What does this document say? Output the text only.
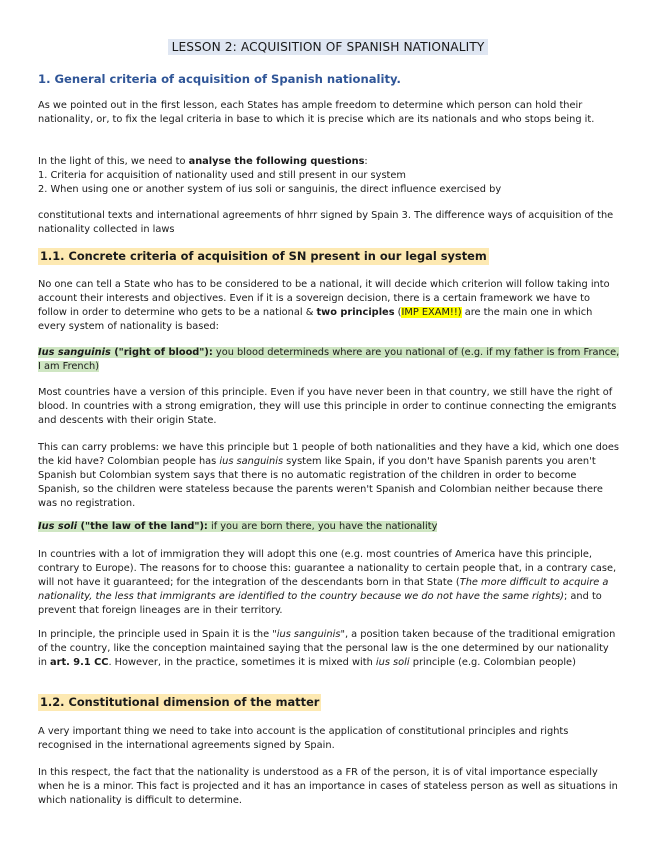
LESSON 2: ACQUISITION OF SPANISH NATIONALITY
1. General criteria of acquisition of Spanish nationality.

As we pointed out in the first lesson, each States has ample freedom to determine which person can hold their nationality, or, to fix the legal criteria in base to which it is precise which are its nationals and who stops being it.

In the light of this, we need to analyse the following questions:
1. Criteria for acquisition of nationality used and still present in our system
2. When using one or another system of ius soli or sanguinis, the direct influence exercised by

constitutional texts and international agreements of hhrr signed by Spain 3. The difference ways of acquisition of the nationality collected in laws

1.1. Concrete criteria of acquisition of SN present in our legal system

No one can tell a State who has to be considered to be a national, it will decide which criterion will follow taking into account their interests and objectives. Even if it is a sovereign decision, there is a certain framework we have to follow in order to determine who gets to be a national & two principles (IMP EXAM!!) are the main one in which every system of nationality is based:

Ius sanguinis ("right of blood"): you blood determineds where are you national of (e.g. if my father is from France, I am French)

Most countries have a version of this principle. Even if you have never been in that country, we still have the right of blood. In countries with a strong emigration, they will use this principle in order to continue connecting the emigrants and descents with their origin State.

This can carry problems: we have this principle but 1 people of both nationalities and they have a kid, which one does the kid have? Colombian people has ius sanguinis system like Spain, if you don't have Spanish parents you aren't Spanish but Colombian system says that there is no automatic registration of the children in order to become Spanish, so the children were stateless because the parents weren't Spanish and Colombian neither because there was no registration.

Ius soli ("the law of the land"): if you are born there, you have the nationality

In countries with a lot of immigration they will adopt this one (e.g. most countries of America have this principle, contrary to Europe). The reasons for to choose this: guarantee a nationality to certain people that, in a contrary case, will not have it guaranteed; for the integration of the descendants born in that State (The more difficult to acquire a nationality, the less that immigrants are identified to the country because we do not have the same rights); and to prevent that foreign lineages are in their territory.

In principle, the principle used in Spain it is the "ius sanguinis", a position taken because of the traditional emigration of the country, like the conception maintained saying that the personal law is the one determined by our nationality in art. 9.1 CC. However, in the practice, sometimes it is mixed with ius soli principle (e.g. Colombian people)

1.2. Constitutional dimension of the matter

A very important thing we need to take into account is the application of constitutional principles and rights recognised in the international agreements signed by Spain.

In this respect, the fact that the nationality is understood as a FR of the person, it is of vital importance especially when he is a minor. This fact is projected and it has an importance in cases of stateless person as well as situations in which nationality is difficult to determine.
